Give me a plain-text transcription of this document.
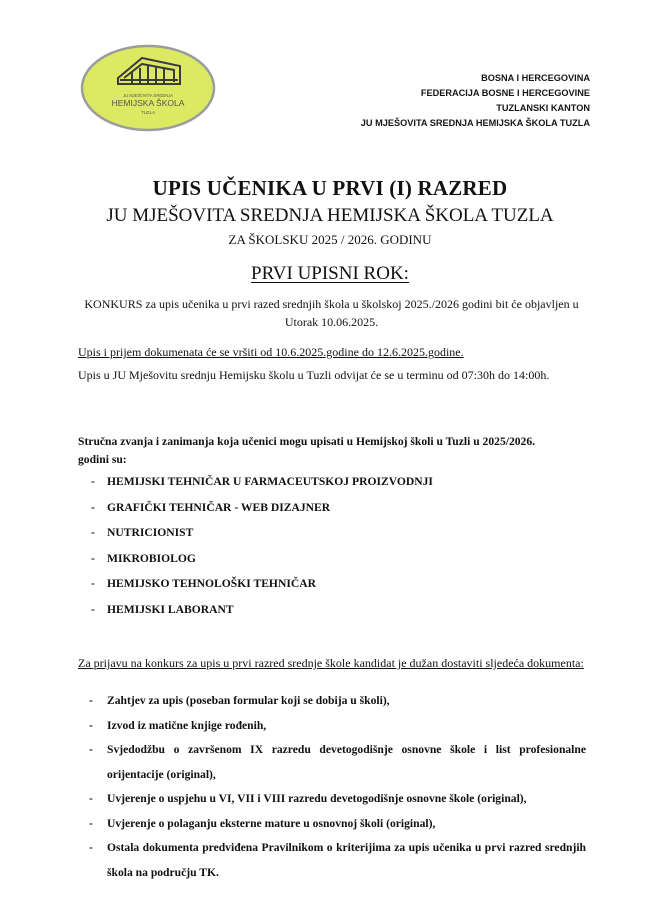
JU MJEŠOVITA SREDNJA
HEMIJSKA ŠKOLA
TUZLA
BOSNA I HERCEGOVINA
FEDERACIJA BOSNE I HERCEGOVINE
TUZLANSKI KANTON
JU MJEŠOVITA SREDNJA HEMIJSKA ŠKOLA TUZLA
UPIS UČENIKA U PRVI (I) RAZRED
JU MJEŠOVITA SREDNJA HEMIJSKA ŠKOLA TUZLA
ZA ŠKOLSKU 2025 / 2026. GODINU
PRVI UPISNI ROK:
KONKURS za upis učenika u prvi razed srednjih škola u školskoj 2025./2026 godini bit će objavljen u Utorak 10.06.2025.
Upis i prijem dokumenata će se vršiti od 10.6.2025.godine do 12.6.2025.godine.
Upis u JU Mješovitu srednju Hemijsku školu u Tuzli odvijat će se u terminu od 07:30h do 14:00h.
Stručna zvanja i zanimanja koja učenici mogu upisati u Hemijskoj školi u Tuzli u 2025/2026. godini su:
- HEMIJSKI TEHNIČAR U FARMACEUTSKOJ PROIZVODNJI
- GRAFIČKI TEHNIČAR - WEB DIZAJNER
- NUTRICIONIST
- MIKROBIOLOG
- HEMIJSKO TEHNOLOŠKI TEHNIČAR
- HEMIJSKI LABORANT
Za prijavu na konkurs za upis u prvi razred srednje škole kandidat je dužan dostaviti sljedeća dokumenta:
- Zahtjev za upis (poseban formular koji se dobija u školi),
- Izvod iz matične knjige rođenih,
- Svjedodžbu o završenom IX razredu devetogodišnje osnovne škole i list profesionalne orijentacije (original),
- Uvjerenje o uspjehu u VI, VII i VIII razredu devetogodišnje osnovne škole (original),
- Uvjerenje o polaganju eksterne mature u osnovnoj školi (original),
- Ostala dokumenta predviđena Pravilnikom o kriterijima za upis učenika u prvi razred srednjih škola na području TK.
